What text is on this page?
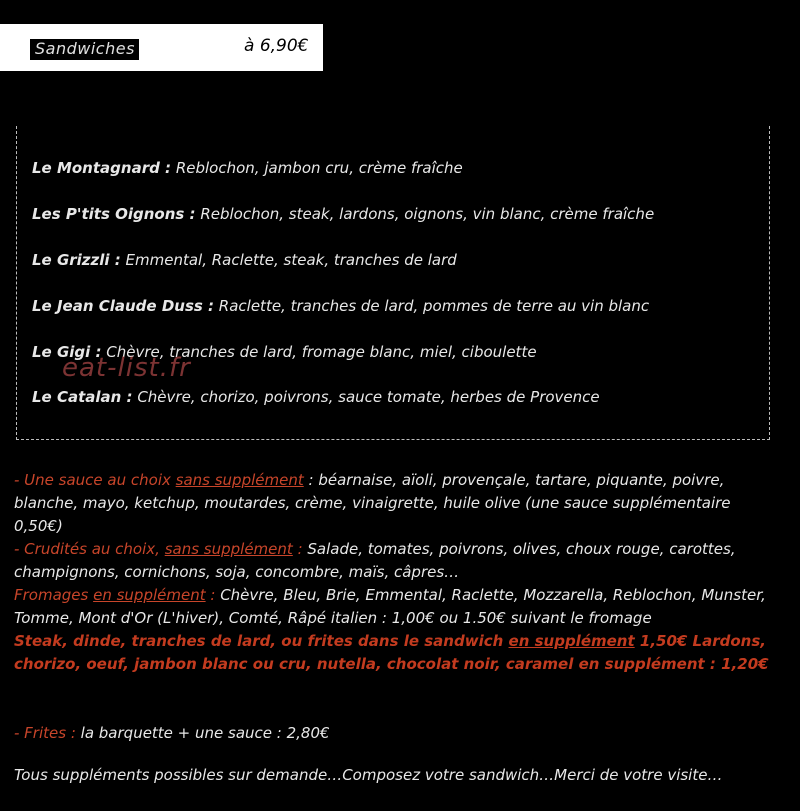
Sandwiches	à 6,90€
Le Montagnard : Reblochon, jambon cru, crème fraîche
Les P'tits Oignons : Reblochon, steak, lardons, oignons, vin blanc, crème fraîche
Le Grizzli : Emmental, Raclette, steak, tranches de lard
Le Jean Claude Duss : Raclette, tranches de lard, pommes de terre au vin blanc
Le Gigi : Chèvre, tranches de lard, fromage blanc, miel, ciboulette
Le Catalan : Chèvre, chorizo, poivrons, sauce tomate, herbes de Provence
eat-list.fr
- Une sauce au choix sans supplément : béarnaise, aïoli, provençale, tartare, piquante, poivre, blanche, mayo, ketchup, moutardes, crème, vinaigrette, huile olive (une sauce supplémentaire 0,50€)
- Crudités au choix, sans supplément : Salade, tomates, poivrons, olives, choux rouge, carottes, champignons, cornichons, soja, concombre, maïs, câpres…
Fromages en supplément : Chèvre, Bleu, Brie, Emmental, Raclette, Mozzarella, Reblochon, Munster, Tomme, Mont d'Or (L'hiver), Comté, Râpé italien : 1,00€ ou 1.50€ suivant le fromage
Steak, dinde, tranches de lard, ou frites dans le sandwich en supplément 1,50€ Lardons, chorizo, oeuf, jambon blanc ou cru, nutella, chocolat noir, caramel en supplément : 1,20€
- Frites : la barquette + une sauce : 2,80€
Tous suppléments possibles sur demande…Composez votre sandwich…Merci de votre visite…
